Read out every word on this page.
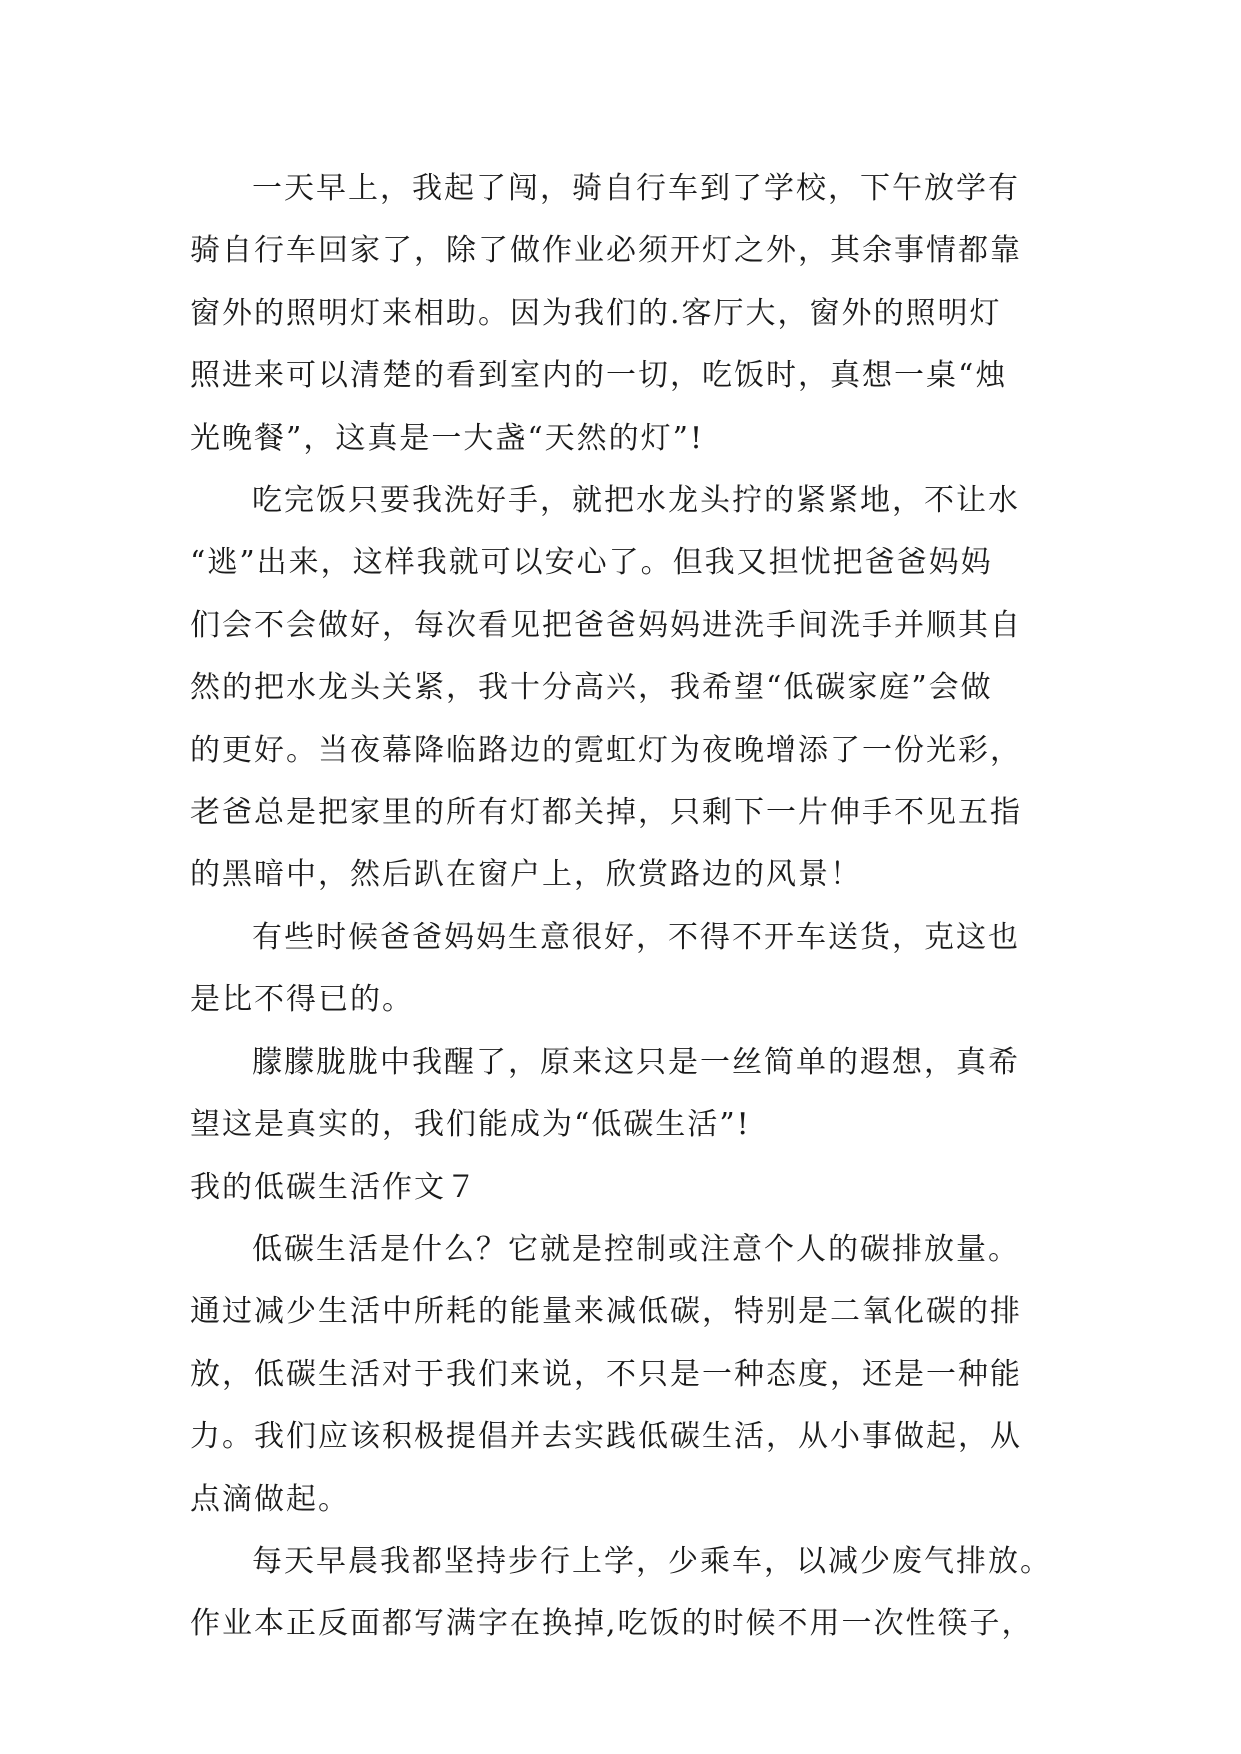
一天早上，我起了闯，骑自行车到了学校，下午放学有
骑自行车回家了，除了做作业必须开灯之外，其余事情都靠
窗外的照明灯来相助。因为我们的.客厅大，窗外的照明灯
照进来可以清楚的看到室内的一切，吃饭时，真想一桌“烛
光晚餐”，这真是一大盏“天然的灯”!

吃完饭只要我洗好手，就把水龙头拧的紧紧地，不让水
“逃”出来，这样我就可以安心了。但我又担忧把爸爸妈妈
们会不会做好，每次看见把爸爸妈妈进洗手间洗手并顺其自
然的把水龙头关紧，我十分高兴，我希望“低碳家庭”会做
的更好。当夜幕降临路边的霓虹灯为夜晚增添了一份光彩，
老爸总是把家里的所有灯都关掉，只剩下一片伸手不见五指
的黑暗中，然后趴在窗户上，欣赏路边的风景！

有些时候爸爸妈妈生意很好，不得不开车送货，克这也
是比不得已的。

朦朦胧胧中我醒了，原来这只是一丝简单的遐想，真希
望这是真实的，我们能成为“低碳生活”!

我的低碳生活作文７

低碳生活是什么？它就是控制或注意个人的碳排放量。
通过减少生活中所耗的能量来减低碳，特别是二氧化碳的排
放，低碳生活对于我们来说，不只是一种态度，还是一种能
力。我们应该积极提倡并去实践低碳生活，从小事做起，从
点滴做起。

每天早晨我都坚持步行上学，少乘车，以减少废气排放。
作业本正反面都写满字在换掉,吃饭的时候不用一次性筷子，
